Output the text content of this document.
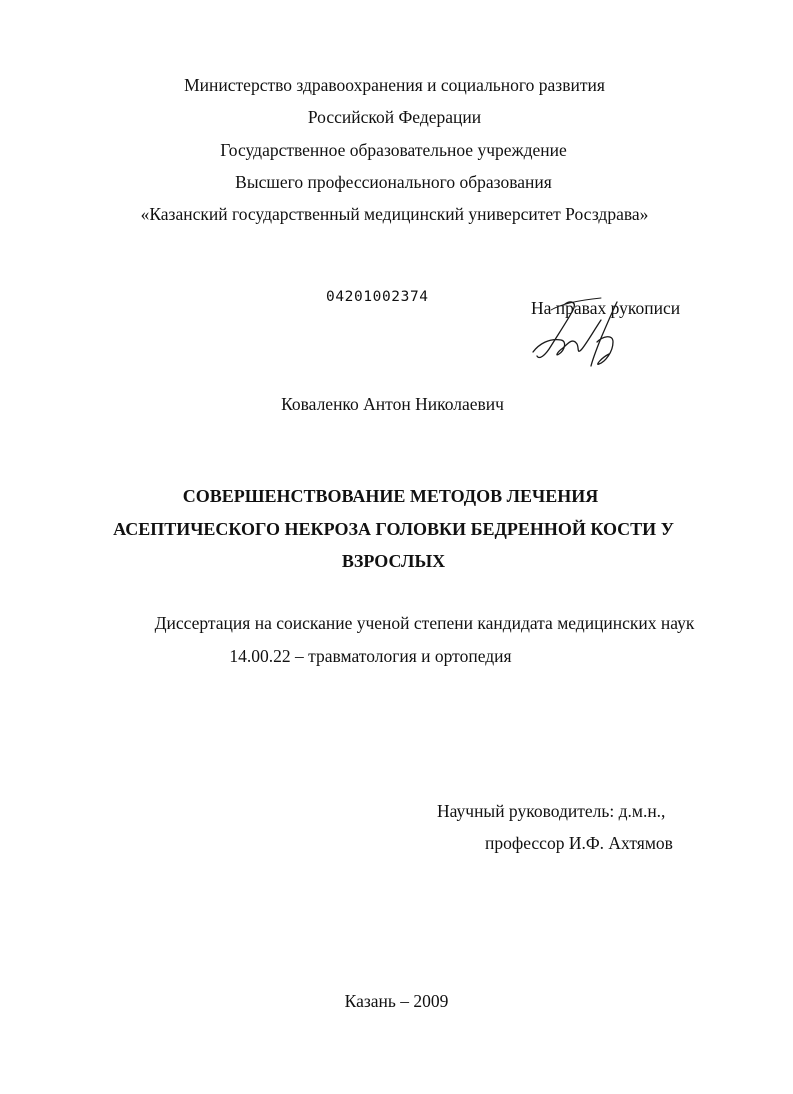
Министерство здравоохранения и социального развития
Российской Федерации
Государственное образовательное учреждение
Высшего профессионального образования
«Казанский государственный медицинский университет Росздрава»
04201002374
На правах рукописи
Коваленко Антон Николаевич
СОВЕРШЕНСТВОВАНИЕ МЕТОДОВ ЛЕЧЕНИЯ
АСЕПТИЧЕСКОГО НЕКРОЗА ГОЛОВКИ БЕДРЕННОЙ КОСТИ У
ВЗРОСЛЫХ
Диссертация на соискание ученой степени кандидата медицинских наук
14.00.22 – травматология и ортопедия
Научный руководитель: д.м.н.,
профессор И.Ф. Ахтямов
Казань – 2009
